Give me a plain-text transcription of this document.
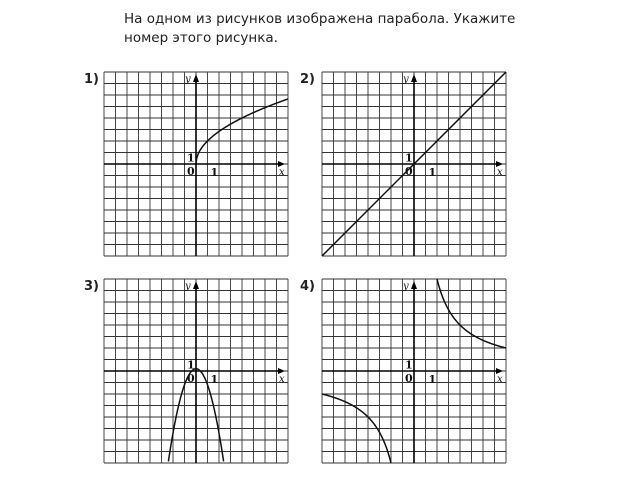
На одном из рисунков изображена парабола. Укажите
номер этого рисунка.
1)	2)
3)	4)
y
x
1
0 1
y
x
1
0 1
y
x
1
0 1
y
x
1
0 1
